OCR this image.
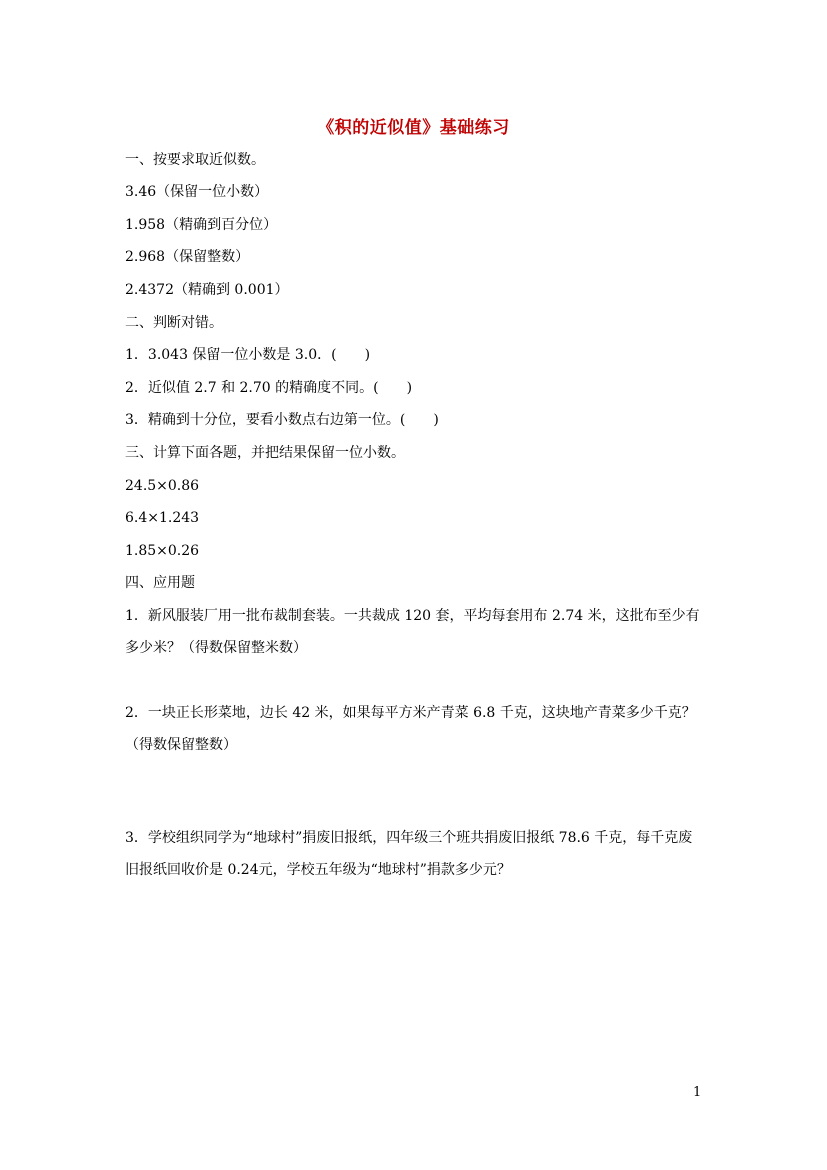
《积的近似值》基础练习
一、按要求取近似数。
3.46（保留一位小数）
1.958（精确到百分位）
2.968（保留整数）
2.4372（精确到 0.001）
二、判断对错。
1．3.043 保留一位小数是 3.0．(　　)
2．近似值 2.7 和 2.70 的精确度不同。(　　)
3．精确到十分位，要看小数点右边第一位。(　　)
三、计算下面各题，并把结果保留一位小数。
24.5×0.86
6.4×1.243
1.85×0.26
四、应用题
1．新风服装厂用一批布裁制套装。一共裁成 120 套，平均每套用布 2.74 米，这批布至少有多少米？（得数保留整米数）
2．一块正长形菜地，边长 42 米，如果每平方米产青菜 6.8 千克，这块地产青菜多少千克？（得数保留整数）
3．学校组织同学为“地球村”捐废旧报纸，四年级三个班共捐废旧报纸 78.6 千克，每千克废旧报纸回收价是 0.24元，学校五年级为“地球村”捐款多少元？
1
